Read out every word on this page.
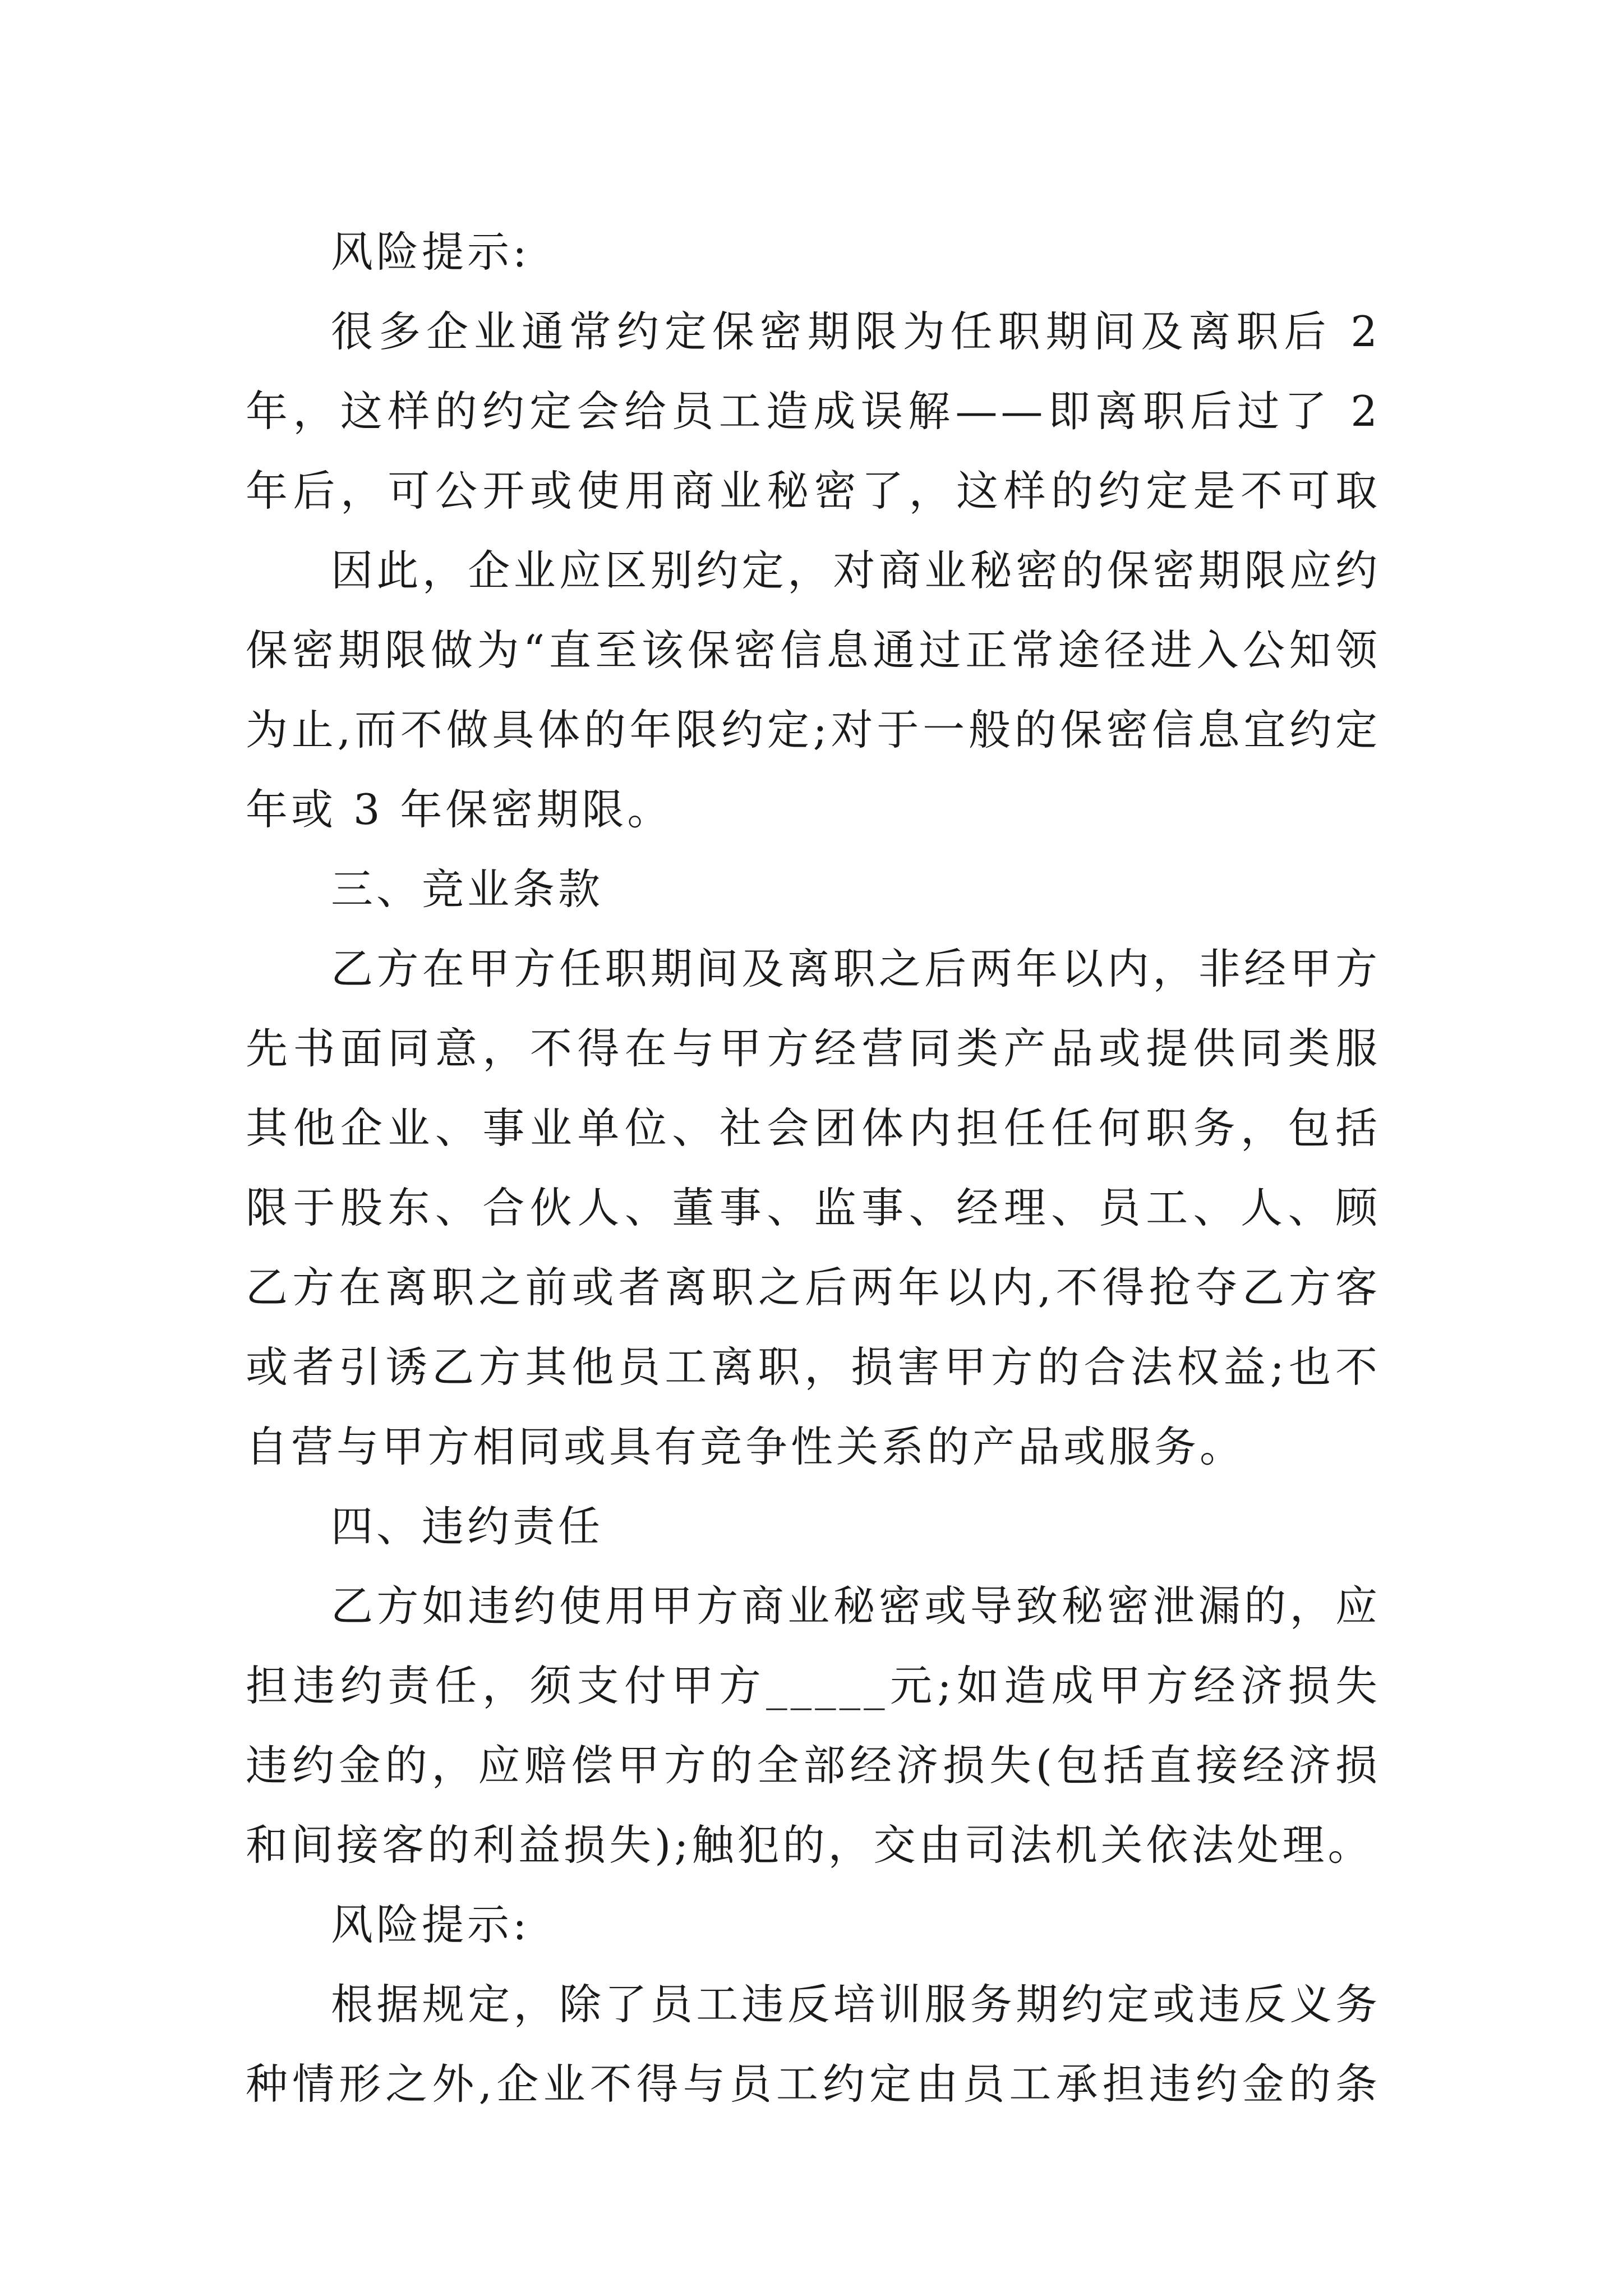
风险提示:
很多企业通常约定保密期限为任职期间及离职后 2
年，这样的约定会给员工造成误解——即离职后过了 2
年后，可公开或使用商业秘密了，这样的约定是不可取
因此，企业应区别约定，对商业秘密的保密期限应约
保密期限做为“直至该保密信息通过正常途径进入公知领
为止,而不做具体的年限约定;对于一般的保密信息宜约定
年或 3 年保密期限。
三、竞业条款
乙方在甲方任职期间及离职之后两年以内，非经甲方
先书面同意，不得在与甲方经营同类产品或提供同类服
其他企业、事业单位、社会团体内担任任何职务，包括
限于股东、合伙人、董事、监事、经理、员工、人、顾
乙方在离职之前或者离职之后两年以内,不得抢夺乙方客
或者引诱乙方其他员工离职，损害甲方的合法权益;也不
自营与甲方相同或具有竞争性关系的产品或服务。
四、违约责任
乙方如违约使用甲方商业秘密或导致秘密泄漏的，应
担违约责任，须支付甲方_____元;如造成甲方经济损失
违约金的，应赔偿甲方的全部经济损失(包括直接经济损
和间接客的利益损失);触犯的，交由司法机关依法处理。
风险提示:
根据规定，除了员工违反培训服务期约定或违反义务
种情形之外,企业不得与员工约定由员工承担违约金的条
